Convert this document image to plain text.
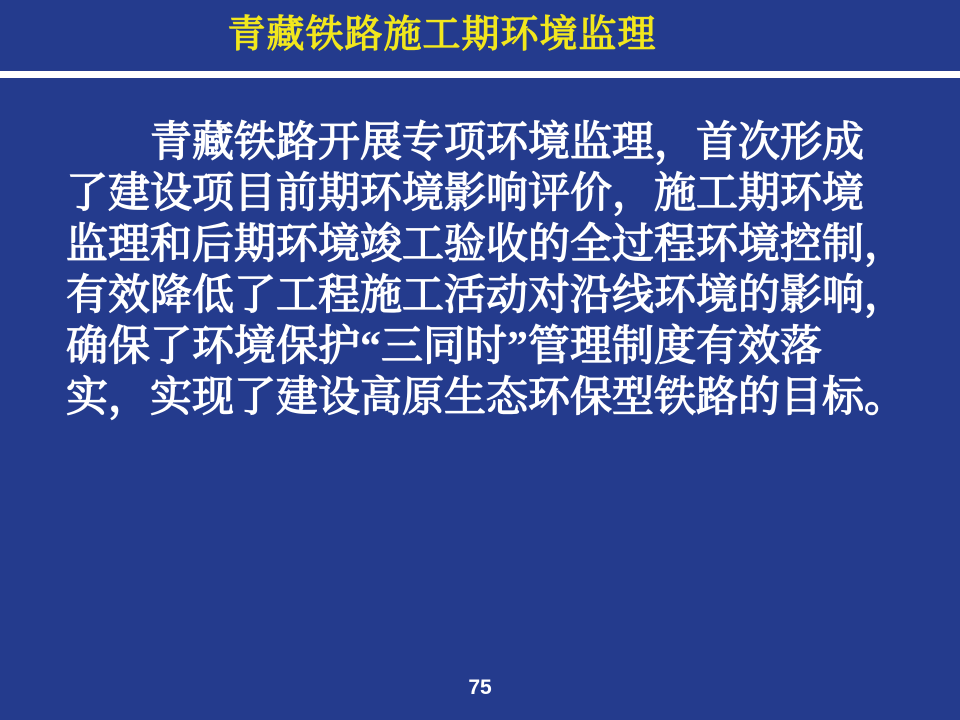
青藏铁路施工期环境监理
　　青藏铁路开展专项环境监理，首次形成
了建设项目前期环境影响评价，施工期环境
监理和后期环境竣工验收的全过程环境控制，
有效降低了工程施工活动对沿线环境的影响，
确保了环境保护“三同时”管理制度有效落
实，实现了建设高原生态环保型铁路的目标。
75
